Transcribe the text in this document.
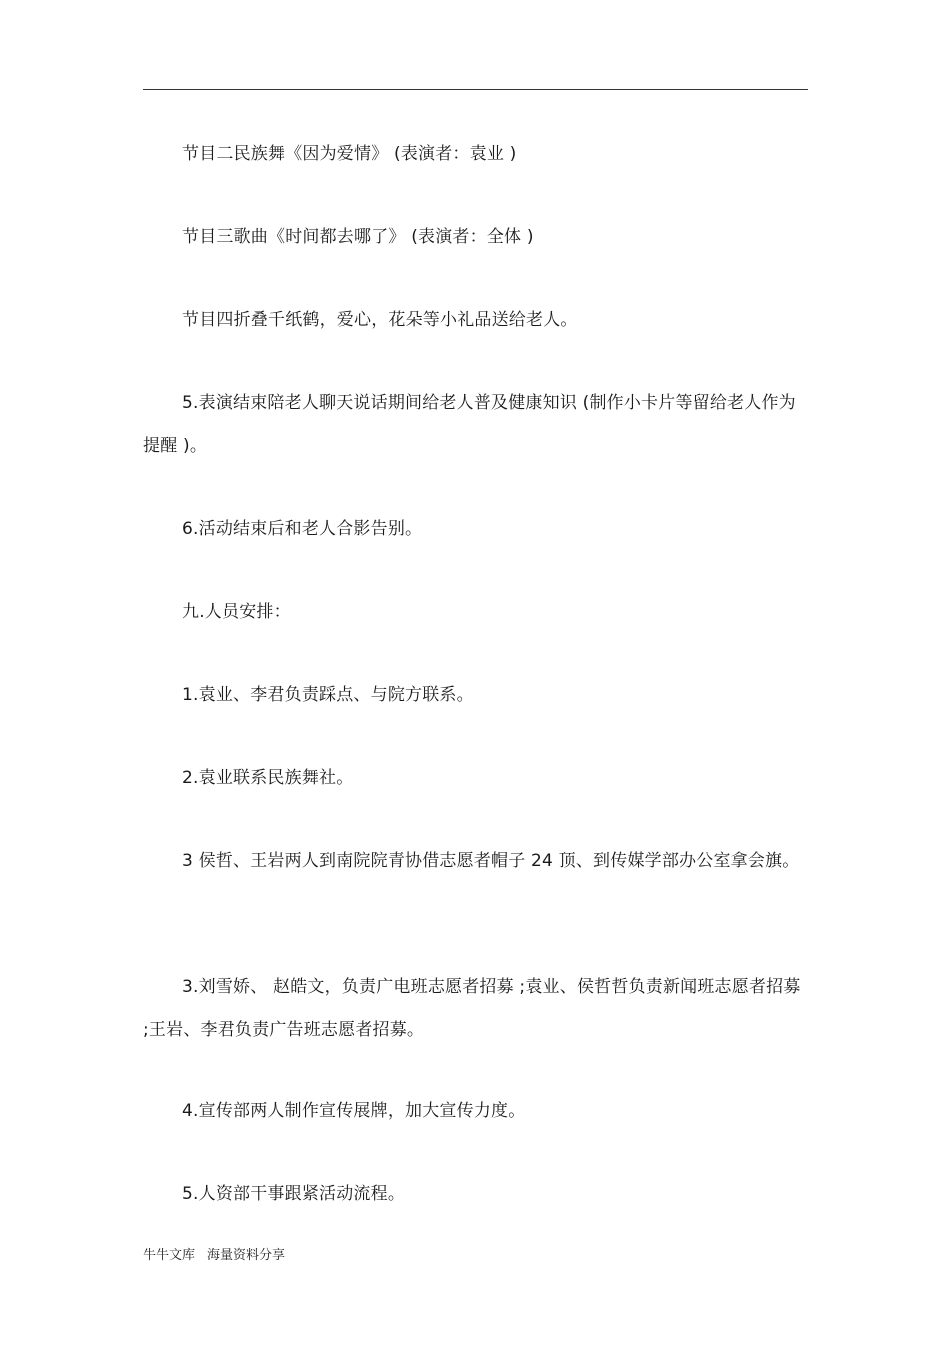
节目二民族舞《因为爱情》 (表演者：袁业 )

节目三歌曲《时间都去哪了》 (表演者：全体 )

节目四折叠千纸鹤，爱心，花朵等小礼品送给老人。

5.表演结束陪老人聊天说话期间给老人普及健康知识 (制作小卡片等留给老人作为提醒 )。

6.活动结束后和老人合影告别。

九.人员安排：

1.袁业、李君负责踩点、与院方联系。

2.袁业联系民族舞社。

3 侯哲、王岩两人到南院院青协借志愿者帽子 24 顶、到传媒学部办公室拿会旗。

3.刘雪娇、 赵皓文，负责广电班志愿者招募 ;袁业、侯哲哲负责新闻班志愿者招募 ;王岩、李君负责广告班志愿者招募。

4.宣传部两人制作宣传展牌，加大宣传力度。

5.人资部干事跟紧活动流程。

牛牛文库 海量资料分享
